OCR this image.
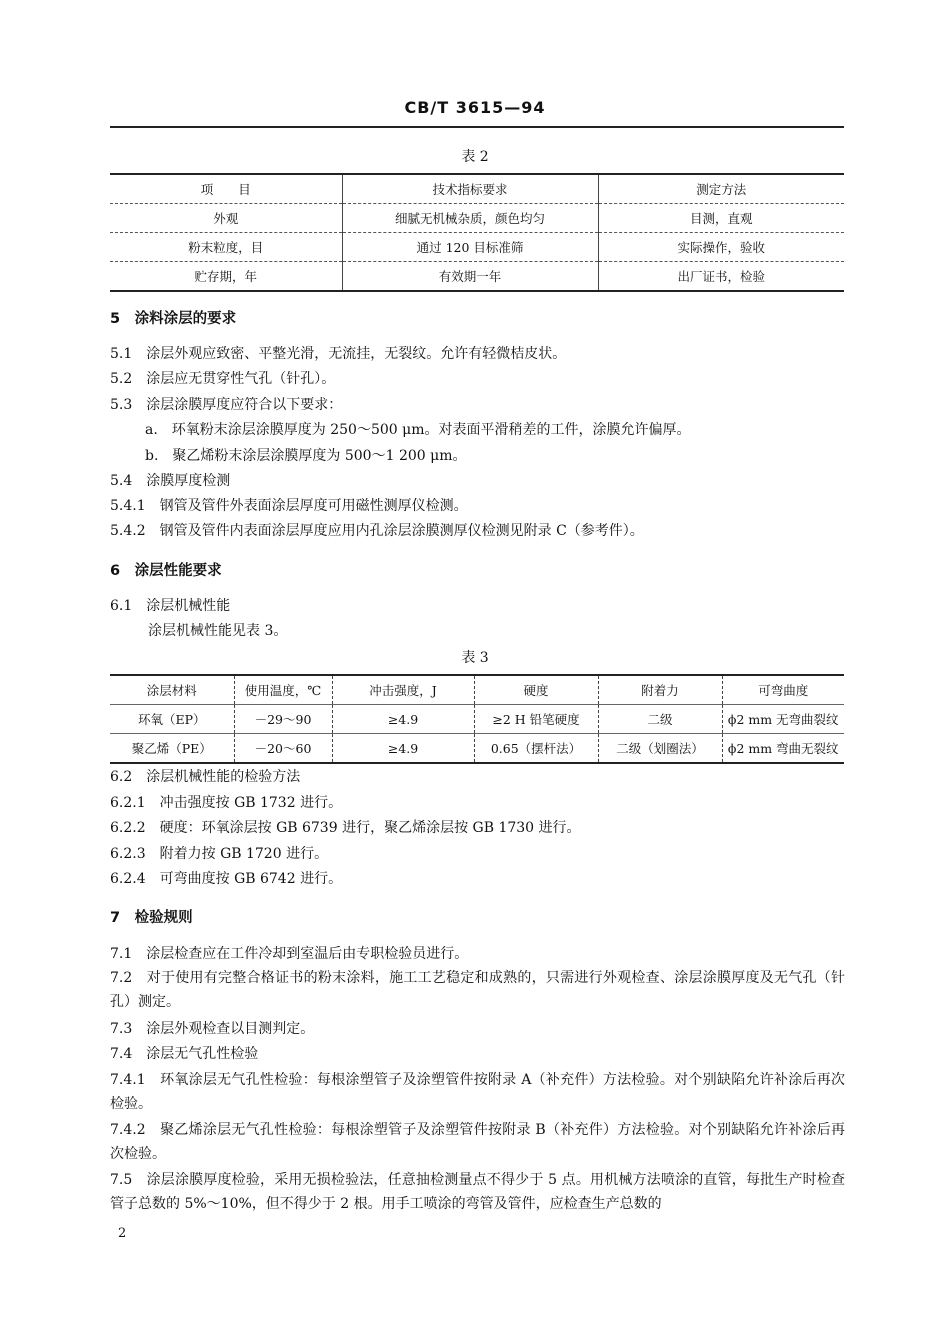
CB/T 3615—94
表 2
项　　目	技术指标要求	测定方法
外观	细腻无机械杂质，颜色均匀	目测，直观
粉末粒度，目	通过 120 目标准筛	实际操作，验收
贮存期，年	有效期一年	出厂证书，检验
5　涂料涂层的要求
5.1　涂层外观应致密、平整光滑，无流挂，无裂纹。允许有轻微桔皮状。
5.2　涂层应无贯穿性气孔（针孔）。
5.3　涂层涂膜厚度应符合以下要求：
a.　环氧粉末涂层涂膜厚度为 250～500 μm。对表面平滑稍差的工件，涂膜允许偏厚。
b.　聚乙烯粉末涂层涂膜厚度为 500～1 200 μm。
5.4　涂膜厚度检测
5.4.1　钢管及管件外表面涂层厚度可用磁性测厚仪检测。
5.4.2　钢管及管件内表面涂层厚度应用内孔涂层涂膜测厚仪检测见附录 C（参考件）。
6　涂层性能要求
6.1　涂层机械性能
涂层机械性能见表 3。
表 3
涂层材料	使用温度，℃	冲击强度，J	硬度	附着力	可弯曲度
环氧（EP）	－29～90	≥4.9	≥2 H 铅笔硬度	二级	ϕ2 mm 无弯曲裂纹
聚乙烯（PE）	－20～60	≥4.9	0.65（摆杆法）	二级（划圈法）	ϕ2 mm 弯曲无裂纹
6.2　涂层机械性能的检验方法
6.2.1　冲击强度按 GB 1732 进行。
6.2.2　硬度：环氧涂层按 GB 6739 进行，聚乙烯涂层按 GB 1730 进行。
6.2.3　附着力按 GB 1720 进行。
6.2.4　可弯曲度按 GB 6742 进行。
7　检验规则
7.1　涂层检查应在工件冷却到室温后由专职检验员进行。
7.2　对于使用有完整合格证书的粉末涂料，施工工艺稳定和成熟的，只需进行外观检查、涂层涂膜厚度及无气孔（针孔）测定。
7.3　涂层外观检查以目测判定。
7.4　涂层无气孔性检验
7.4.1　环氧涂层无气孔性检验：每根涂塑管子及涂塑管件按附录 A（补充件）方法检验。对个别缺陷允许补涂后再次检验。
7.4.2　聚乙烯涂层无气孔性检验：每根涂塑管子及涂塑管件按附录 B（补充件）方法检验。对个别缺陷允许补涂后再次检验。
7.5　涂层涂膜厚度检验，采用无损检验法，任意抽检测量点不得少于 5 点。用机械方法喷涂的直管，每批生产时检查管子总数的 5%～10%，但不得少于 2 根。用手工喷涂的弯管及管件，应检查生产总数的
2
